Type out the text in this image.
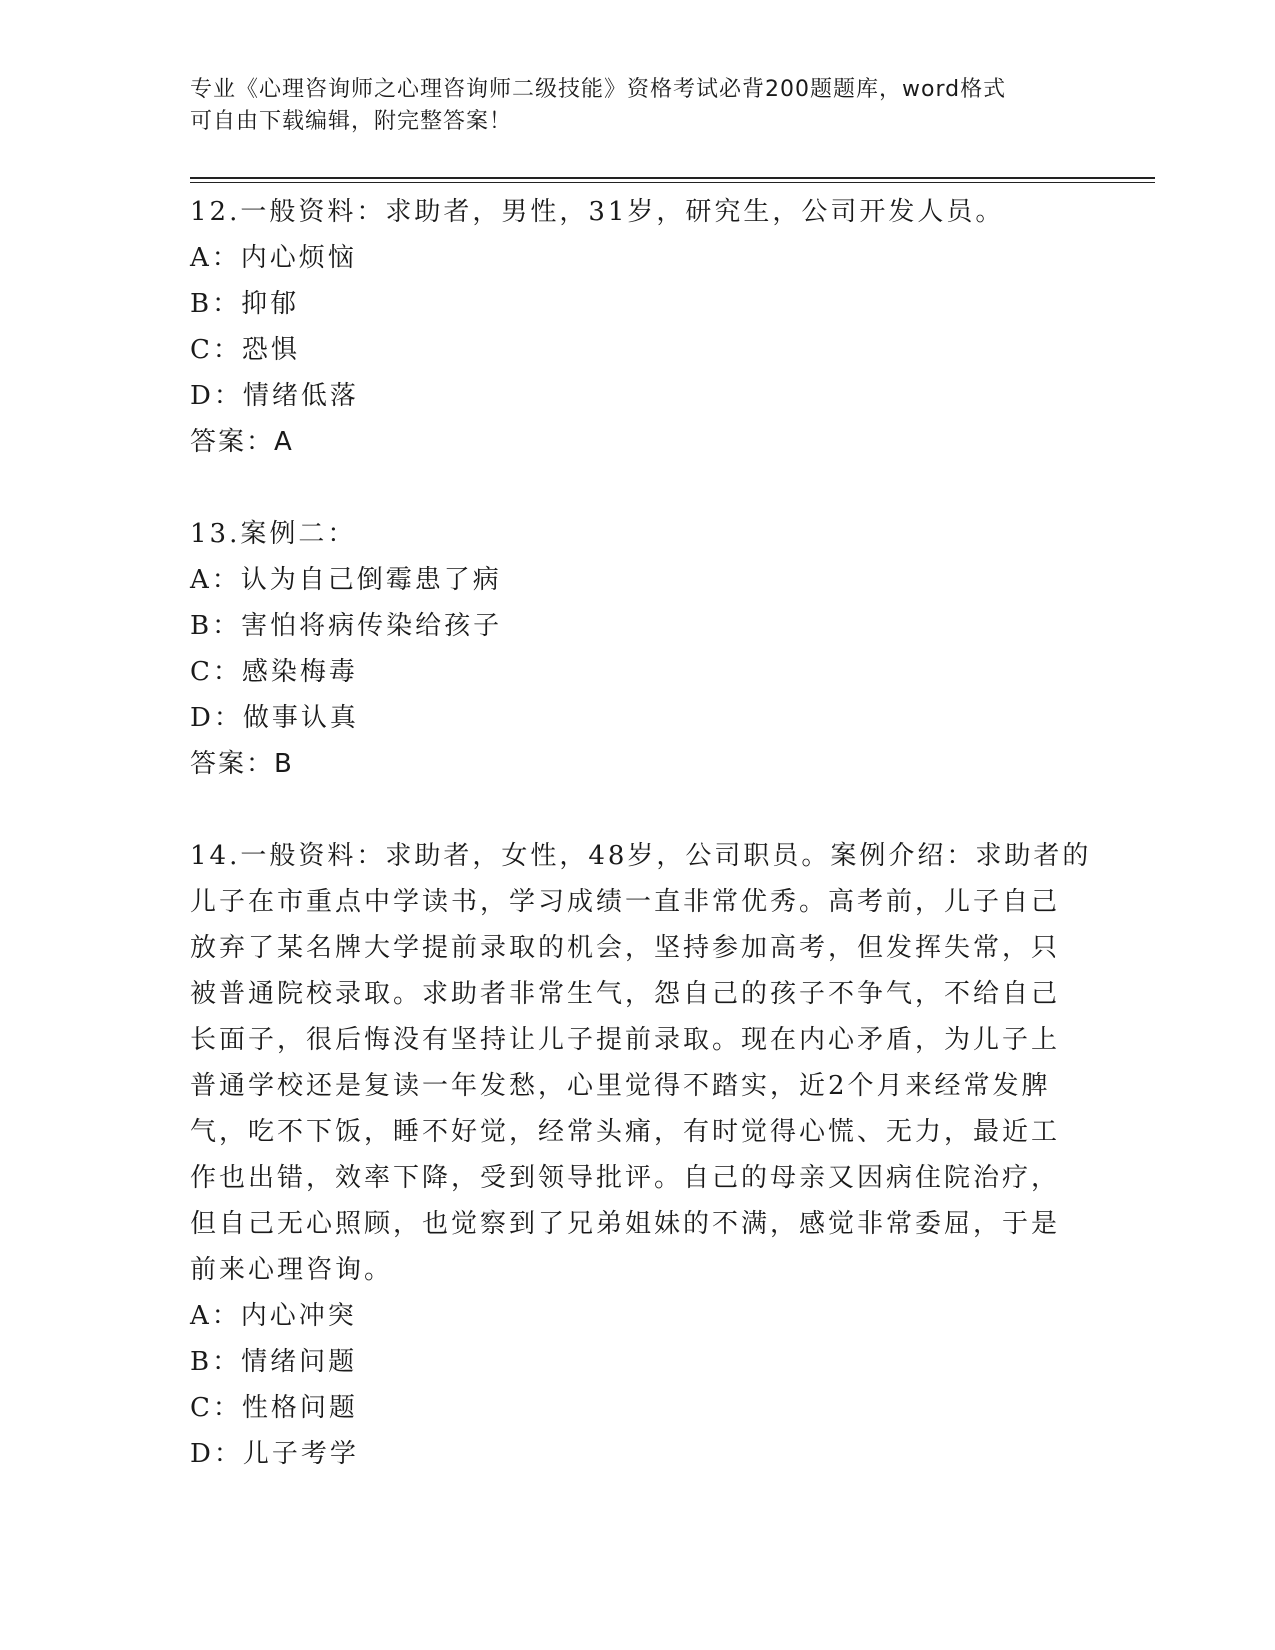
专业《心理咨询师之心理咨询师二级技能》资格考试必背200题题库，word格式
可自由下载编辑，附完整答案！
12.一般资料：求助者，男性，31岁，研究生，公司开发人员。
A：内心烦恼
B：抑郁
C：恐惧
D：情绪低落
答案：A
13.案例二：
A：认为自己倒霉患了病
B：害怕将病传染给孩子
C：感染梅毒
D：做事认真
答案：B
14.一般资料：求助者，女性，48岁，公司职员。案例介绍：求助者的
儿子在市重点中学读书，学习成绩一直非常优秀。高考前，儿子自己
放弃了某名牌大学提前录取的机会，坚持参加高考，但发挥失常，只
被普通院校录取。求助者非常生气，怨自己的孩子不争气，不给自己
长面子，很后悔没有坚持让儿子提前录取。现在内心矛盾，为儿子上
普通学校还是复读一年发愁，心里觉得不踏实，近2个月来经常发脾
气，吃不下饭，睡不好觉，经常头痛，有时觉得心慌、无力，最近工
作也出错，效率下降，受到领导批评。自己的母亲又因病住院治疗，
但自己无心照顾，也觉察到了兄弟姐妹的不满，感觉非常委屈，于是
前来心理咨询。
A：内心冲突
B：情绪问题
C：性格问题
D：儿子考学
